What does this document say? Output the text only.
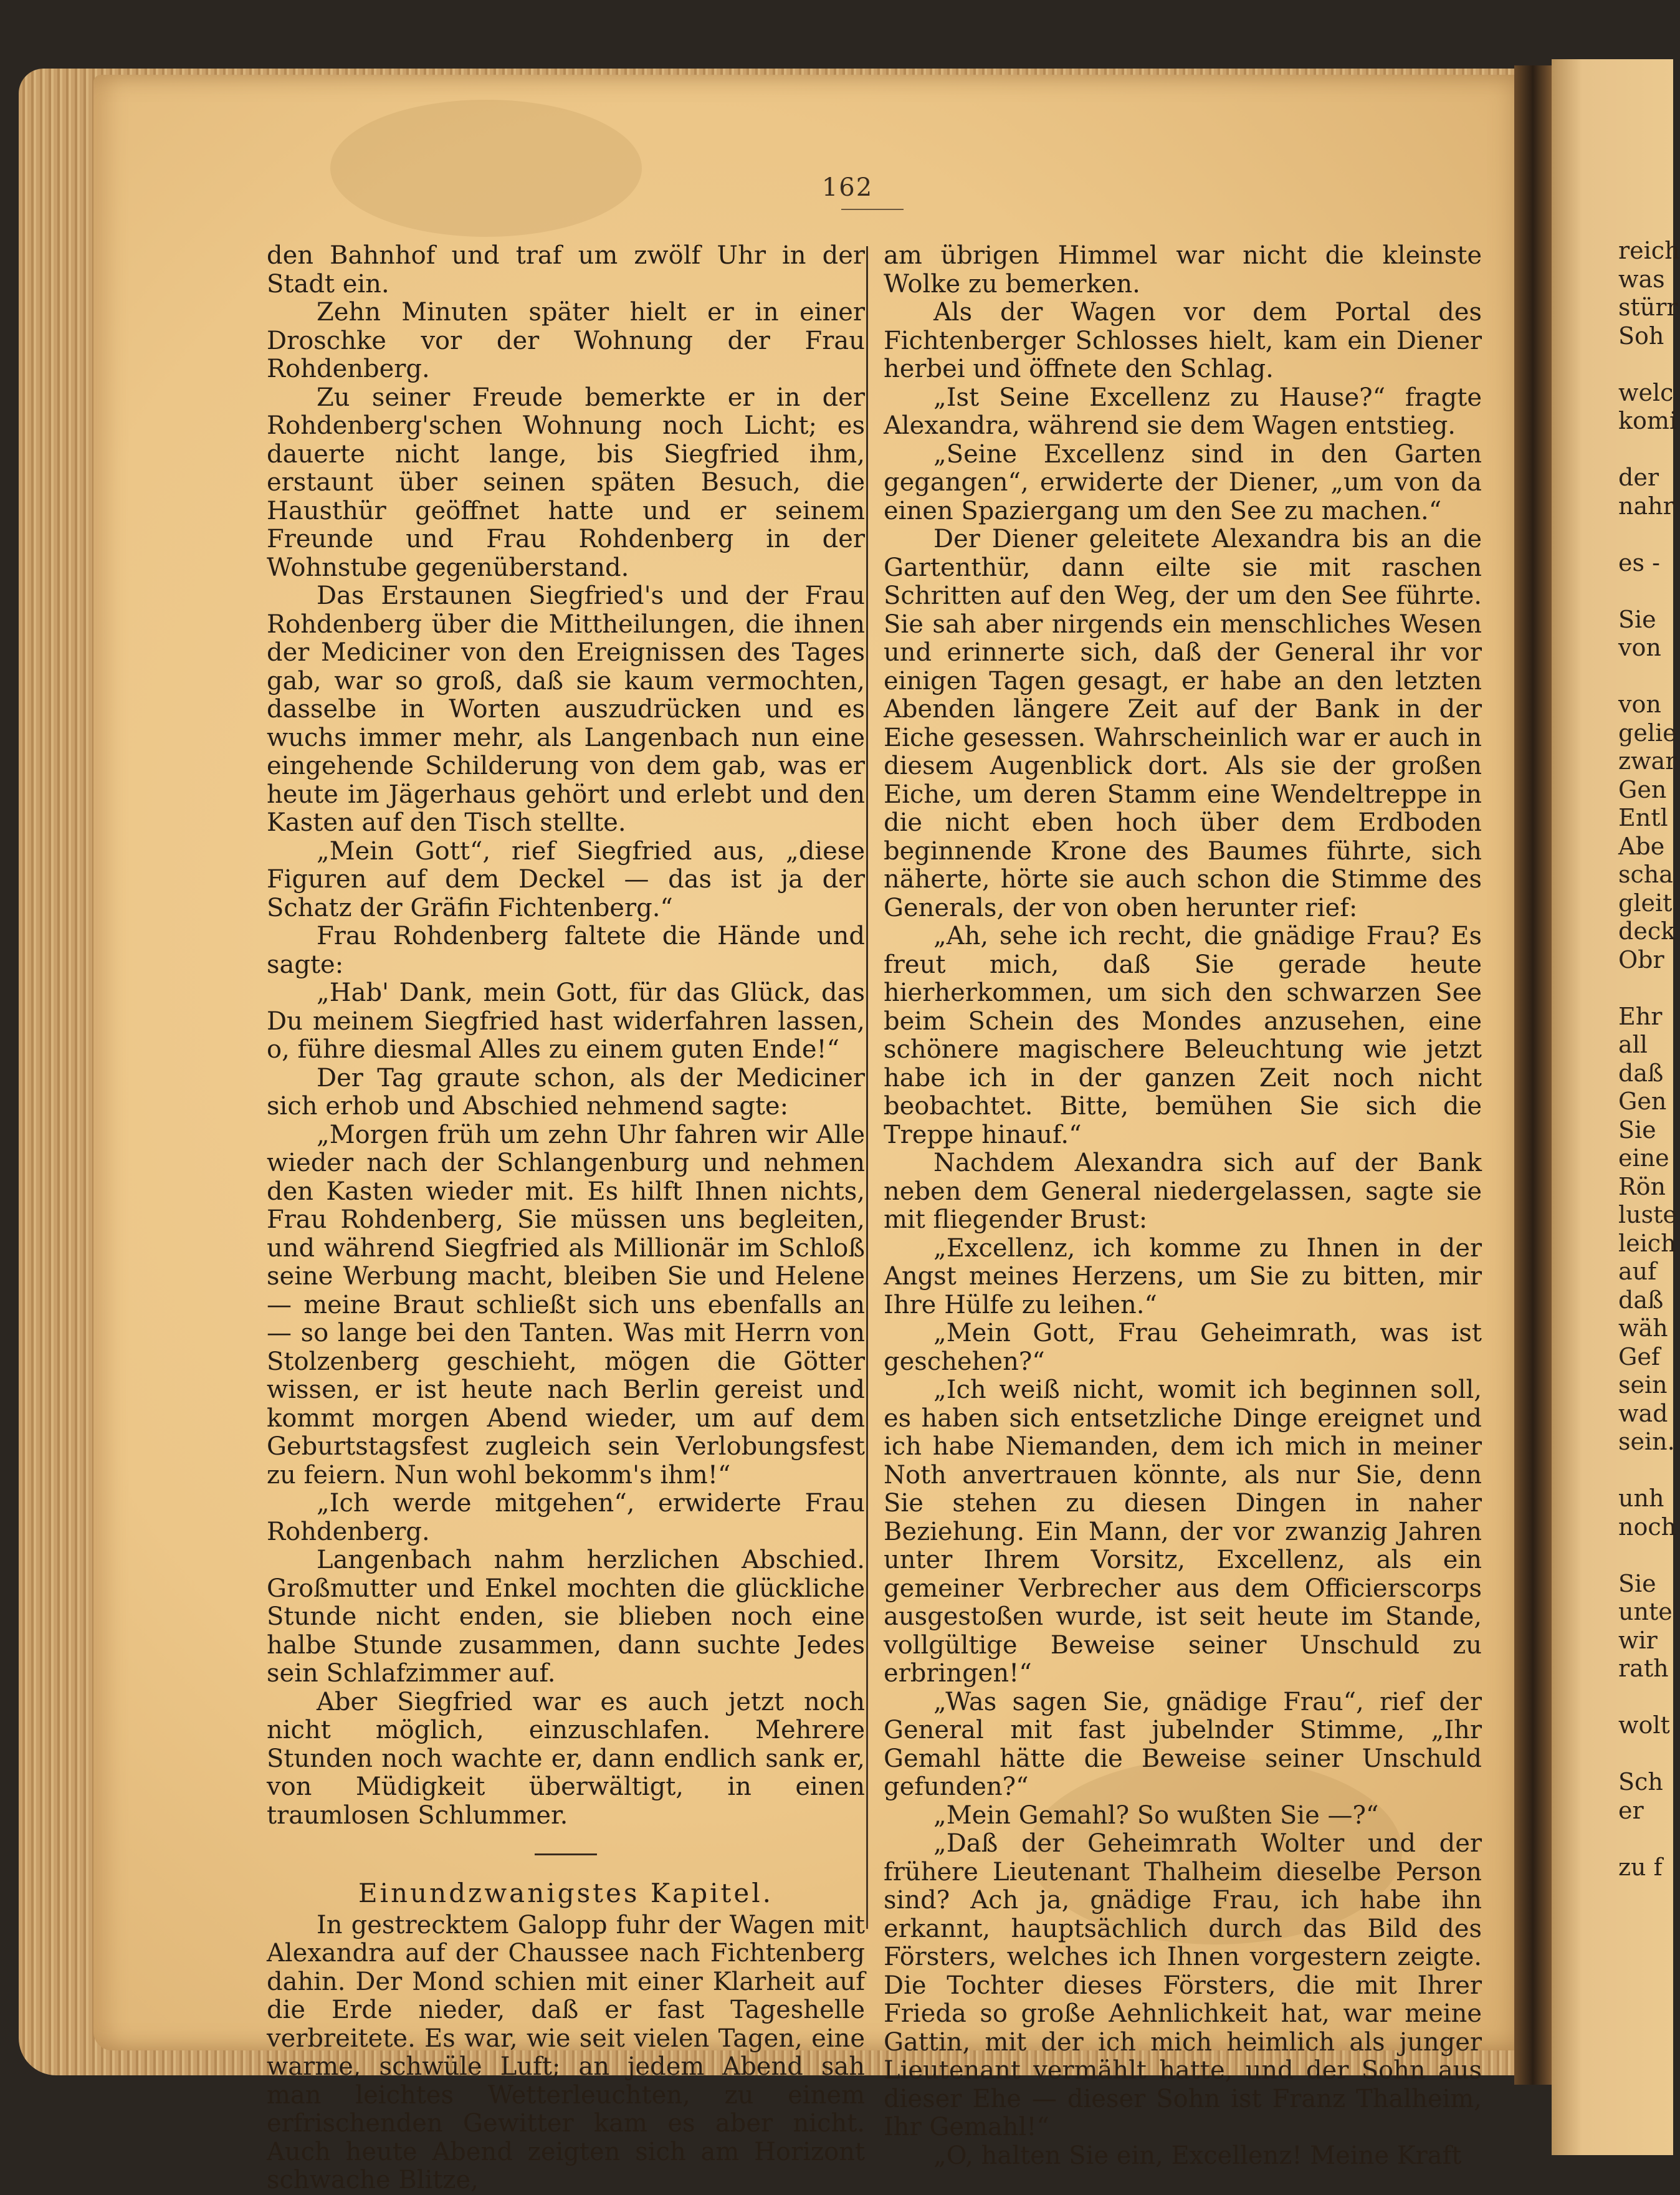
162

den Bahnhof und traf um zwölf Uhr in der Stadt ein.

Zehn Minuten später hielt er in einer Droschke vor der Wohnung der Frau Rohdenberg.

Zu seiner Freude bemerkte er in der Rohdenberg'schen Wohnung noch Licht; es dauerte nicht lange, bis Siegfried ihm, erstaunt über seinen späten Besuch, die Hausthür geöffnet hatte und er seinem Freunde und Frau Rohdenberg in der Wohnstube gegenüberstand.

Das Erstaunen Siegfried's und der Frau Rohdenberg über die Mittheilungen, die ihnen der Mediciner von den Ereignissen des Tages gab, war so groß, daß sie kaum vermochten, dasselbe in Worten auszudrücken und es wuchs immer mehr, als Langenbach nun eine eingehende Schilderung von dem gab, was er heute im Jägerhaus gehört und erlebt und den Kasten auf den Tisch stellte.

„Mein Gott“, rief Siegfried aus, „diese Figuren auf dem Deckel — das ist ja der Schatz der Gräfin Fichtenberg.“

Frau Rohdenberg faltete die Hände und sagte:

„Hab' Dank, mein Gott, für das Glück, das Du meinem Siegfried hast widerfahren lassen, o, führe diesmal Alles zu einem guten Ende!“

Der Tag graute schon, als der Mediciner sich erhob und Abschied nehmend sagte:

„Morgen früh um zehn Uhr fahren wir Alle wieder nach der Schlangenburg und nehmen den Kasten wieder mit. Es hilft Ihnen nichts, Frau Rohdenberg, Sie müssen uns begleiten, und während Siegfried als Millionär im Schloß seine Werbung macht, bleiben Sie und Helene — meine Braut schließt sich uns ebenfalls an — so lange bei den Tanten. Was mit Herrn von Stolzenberg geschieht, mögen die Götter wissen, er ist heute nach Berlin gereist und kommt morgen Abend wieder, um auf dem Geburtstagsfest zugleich sein Verlobungsfest zu feiern. Nun wohl bekomm's ihm!“

„Ich werde mitgehen“, erwiderte Frau Rohdenberg.

Langenbach nahm herzlichen Abschied. Großmutter und Enkel mochten die glückliche Stunde nicht enden, sie blieben noch eine halbe Stunde zusammen, dann suchte Jedes sein Schlafzimmer auf.

Aber Siegfried war es auch jetzt noch nicht möglich, einzuschlafen. Mehrere Stunden noch wachte er, dann endlich sank er, von Müdigkeit überwältigt, in einen traumlosen Schlummer.

Einundzwanigstes Kapitel.

In gestrecktem Galopp fuhr der Wagen mit Alexandra auf der Chaussee nach Fichtenberg dahin. Der Mond schien mit einer Klarheit auf die Erde nieder, daß er fast Tageshelle verbreitete. Es war, wie seit vielen Tagen, eine warme, schwüle Luft; an jedem Abend sah man leichtes Wetterleuchten, zu einem erfrischenden Gewitter kam es aber nicht. Auch heute Abend zeigten sich am Horizont schwache Blitze,

am übrigen Himmel war nicht die kleinste Wolke zu bemerken.

Als der Wagen vor dem Portal des Fichtenberger Schlosses hielt, kam ein Diener herbei und öffnete den Schlag.

„Ist Seine Excellenz zu Hause?“ fragte Alexandra, während sie dem Wagen entstieg.

„Seine Excellenz sind in den Garten gegangen“, erwiderte der Diener, „um von da einen Spaziergang um den See zu machen.“

Der Diener geleitete Alexandra bis an die Gartenthür, dann eilte sie mit raschen Schritten auf den Weg, der um den See führte. Sie sah aber nirgends ein menschliches Wesen und erinnerte sich, daß der General ihr vor einigen Tagen gesagt, er habe an den letzten Abenden längere Zeit auf der Bank in der Eiche gesessen. Wahrscheinlich war er auch in diesem Augenblick dort. Als sie der großen Eiche, um deren Stamm eine Wendeltreppe in die nicht eben hoch über dem Erdboden beginnende Krone des Baumes führte, sich näherte, hörte sie auch schon die Stimme des Generals, der von oben herunter rief:

„Ah, sehe ich recht, die gnädige Frau? Es freut mich, daß Sie gerade heute hierherkommen, um sich den schwarzen See beim Schein des Mondes anzusehen, eine schönere magischere Beleuchtung wie jetzt habe ich in der ganzen Zeit noch nicht beobachtet. Bitte, bemühen Sie sich die Treppe hinauf.“

Nachdem Alexandra sich auf der Bank neben dem General niedergelassen, sagte sie mit fliegender Brust:

„Excellenz, ich komme zu Ihnen in der Angst meines Herzens, um Sie zu bitten, mir Ihre Hülfe zu leihen.“

„Mein Gott, Frau Geheimrath, was ist geschehen?“

„Ich weiß nicht, womit ich beginnen soll, es haben sich entsetzliche Dinge ereignet und ich habe Niemanden, dem ich mich in meiner Noth anvertrauen könnte, als nur Sie, denn Sie stehen zu diesen Dingen in naher Beziehung. Ein Mann, der vor zwanzig Jahren unter Ihrem Vorsitz, Excellenz, als ein gemeiner Verbrecher aus dem Officierscorps ausgestoßen wurde, ist seit heute im Stande, vollgültige Beweise seiner Unschuld zu erbringen!“

„Was sagen Sie, gnädige Frau“, rief der General mit fast jubelnder Stimme, „Ihr Gemahl hätte die Beweise seiner Unschuld gefunden?“

„Mein Gemahl? So wußten Sie —?“

„Daß der Geheimrath Wolter und der frühere Lieutenant Thalheim dieselbe Person sind? Ach ja, gnädige Frau, ich habe ihn erkannt, hauptsächlich durch das Bild des Försters, welches ich Ihnen vorgestern zeigte. Die Tochter dieses Försters, die mit Ihrer Frieda so große Aehnlichkeit hat, war meine Gattin, mit der ich mich heimlich als junger Lieutenant vermählt hatte, und der Sohn aus dieser Ehe — dieser Sohn ist Franz Thalheim, Ihr Gemahl!“

„O, halten Sie ein, Excellenz! Meine Kraft

reich
was
stürr
Soh
welc
komi
der
nahr
es -
Sie
von
von
gelie
zwar
Gen
Entl
Abe
scha
gleit
deck
Obr
Ehr
all
daß
Gen
Sie
eine
Rön
luste
leich
auf
daß
wäh
Gef
sein
wad
sein.
unh
noch
Sie
unte
wir
rath
wolt
Sch
er
zu f
